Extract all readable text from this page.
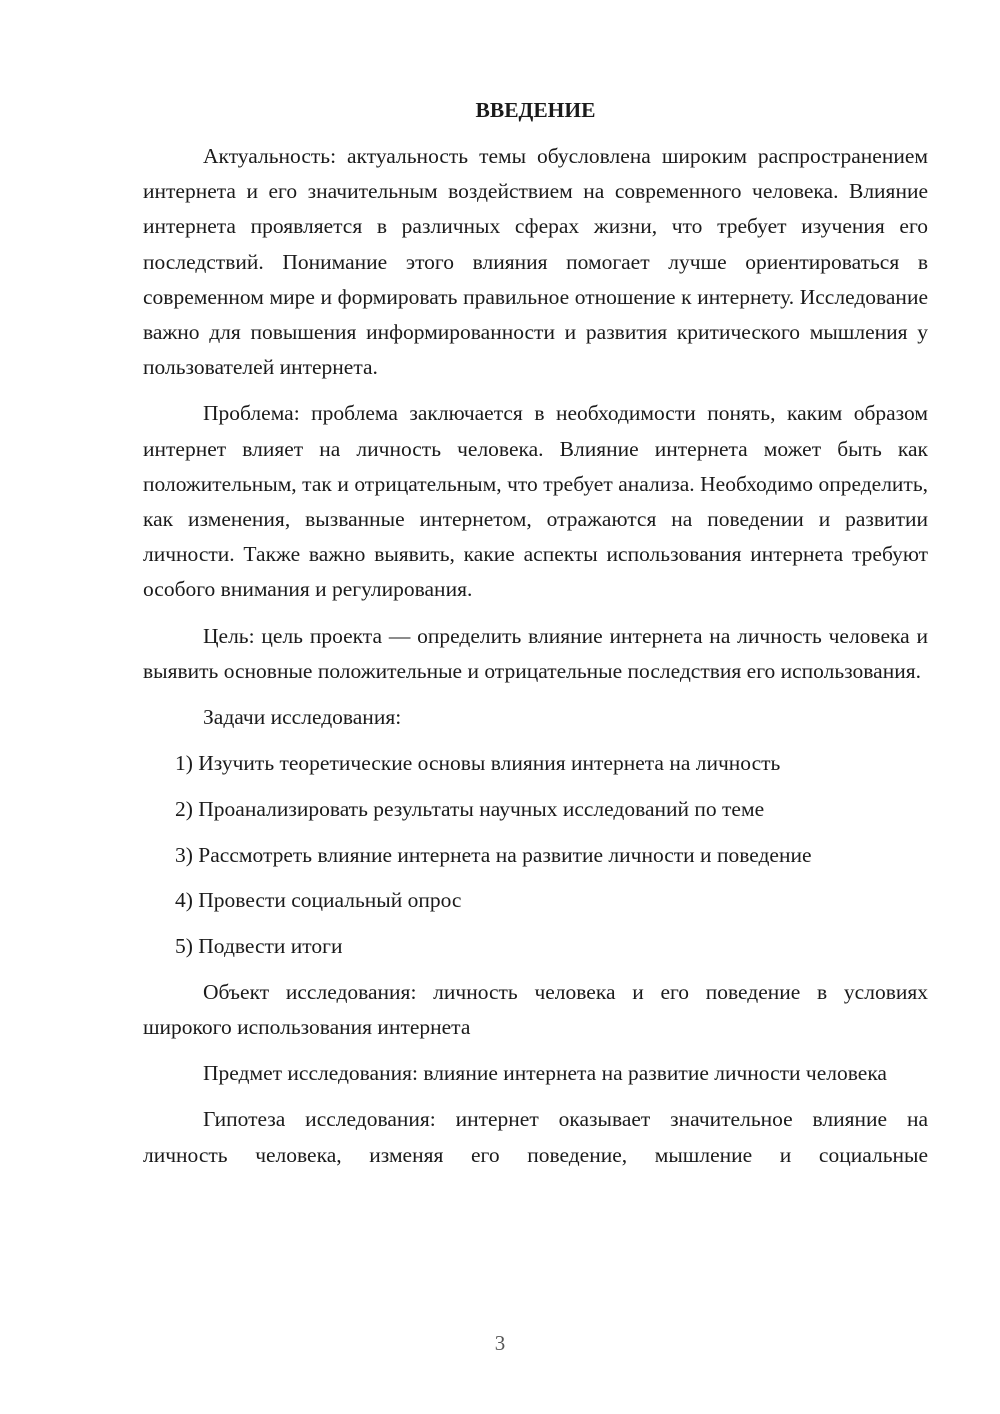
ВВЕДЕНИЕ

Актуальность: актуальность темы обусловлена широким распространением интернета и его значительным воздействием на современного человека. Влияние интернета проявляется в различных сферах жизни, что требует изучения его последствий. Понимание этого влияния помогает лучше ориентироваться в современном мире и формировать правильное отношение к интернету. Исследование важно для повышения информированности и развития критического мышления у пользователей интернета.

Проблема: проблема заключается в необходимости понять, каким образом интернет влияет на личность человека. Влияние интернета может быть как положительным, так и отрицательным, что требует анализа. Необходимо определить, как изменения, вызванные интернетом, отражаются на поведении и развитии личности. Также важно выявить, какие аспекты использования интернета требуют особого внимания и регулирования.

Цель: цель проекта — определить влияние интернета на личность человека и выявить основные положительные и отрицательные последствия его использования.

Задачи исследования:

1) Изучить теоретические основы влияния интернета на личность
2) Проанализировать результаты научных исследований по теме
3) Рассмотреть влияние интернета на развитие личности и поведение
4) Провести социальный опрос
5) Подвести итоги

Объект исследования: личность человека и его поведение в условиях широкого использования интернета

Предмет исследования: влияние интернета на развитие личности человека

Гипотеза исследования: интернет оказывает значительное влияние на личность человека, изменяя его поведение, мышление и социальные

3
